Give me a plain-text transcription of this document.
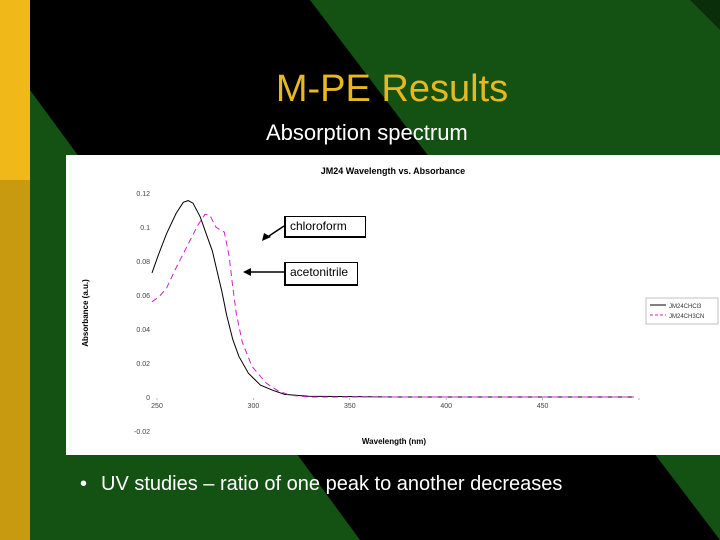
M-PE Results
Absorption spectrum
JM24 Wavelength vs. Absorbance
Wavelength (nm)
Absorbance (a.u.)
-0.02
0
0.02
0.04
0.06
0.08
0.1
0.12
250	300	350	400	450
JM24CHCl3
JM24CH3CN
chloroform
acetonitrile
• UV studies – ratio of one peak to another decreases
